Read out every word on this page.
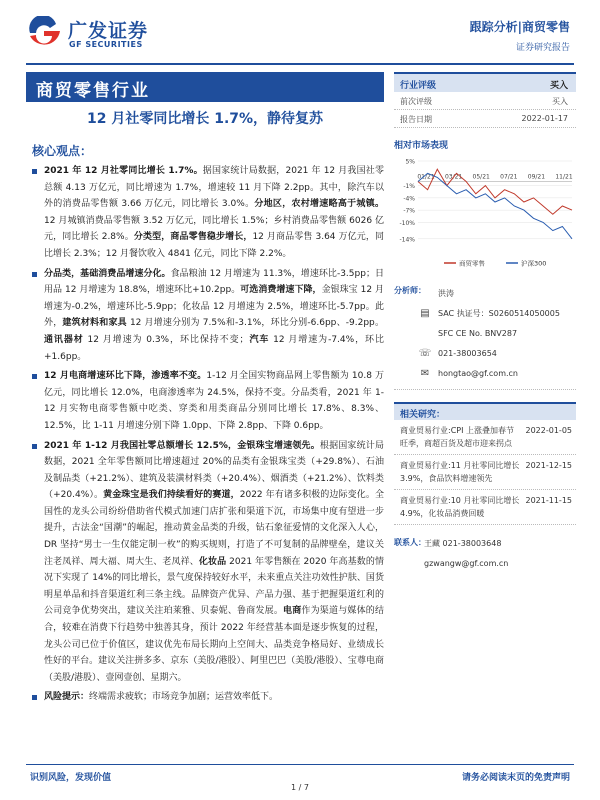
广发证券
GF SECURITIES
跟踪分析|商贸零售
证券研究报告
商贸零售行业
12 月社零同比增长 1.7%，静待复苏
核心观点：
2021 年 12 月社零同比增长 1.7%。据国家统计局数据，2021 年 12 月我国社零总额 4.13 万亿元，同比增速为 1.7%，增速较 11 月下降 2.2pp。其中，除汽车以外的消费品零售额 3.66 万亿元，同比增长 3.0%。分地区，农村增速略高于城镇。12 月城镇消费品零售额 3.52 万亿元，同比增长 1.5%；乡村消费品零售额 6026 亿元，同比增长 2.8%。分类型，商品零售稳步增长，12 月商品零售 3.64 万亿元，同比增长 2.3%；12 月餐饮收入 4841 亿元，同比下降 2.2%。
分品类，基础消费品增速分化。食品粮油 12 月增速为 11.3%，增速环比-3.5pp；日用品 12 月增速为 18.8%，增速环比+10.2pp。可选消费增速下降，金银珠宝 12 月增速为-0.2%，增速环比-5.9pp；化妆品 12 月增速为 2.5%，增速环比-5.7pp。此外，建筑材料和家具 12 月增速分别为 7.5%和-3.1%，环比分别-6.6pp、-9.2pp。通讯器材 12 月增速为 0.3%，环比保持不变；汽车 12 月增速为-7.4%，环比+1.6pp。
12 月电商增速环比下降，渗透率不变。1-12 月全国实物商品网上零售额为 10.8 万亿元，同比增长 12.0%，电商渗透率为 24.5%，保持不变。分品类看，2021 年 1-12 月实物电商零售额中吃类、穿类和用类商品分别同比增长 17.8%、8.3%、12.5%，比 1-11 月增速分别下降 1.0pp、下降 2.8pp、下降 0.6pp。
2021 年 1-12 月我国社零总额增长 12.5%，金银珠宝增速领先。根据国家统计局数据，2021 全年零售额同比增速超过 20%的品类有金银珠宝类（+29.8%）、石油及制品类（+21.2%）、建筑及装潢材料类（+20.4%）、烟酒类（+21.2%）、饮料类（+20.4%）。黄金珠宝是我们持续看好的赛道，2022 年有诸多积极的边际变化。全国性的龙头公司纷纷借助省代模式加速门店扩张和渠道下沉，市场集中度有望进一步提升，古法金“国潮”的崛起，推动黄金品类的升级，钻石象征爱情的文化深入人心，DR 坚持“男士一生仅能定制一枚”的购买规则，打造了不可复制的品牌壁垒，建议关注老凤祥、周大福、周大生、老凤祥、化妆品 2021 年零售额在 2020 年高基数的情况下实现了 14%的同比增长，景气度保持较好水平，未来重点关注功效性护肤、国货明星单品和抖音渠道红利三条主线。品牌资产优异、产品力强、基于把握渠道红利的公司竞争优势突出，建议关注珀莱雅、贝泰妮、鲁商发展。电商作为渠道与媒体的结合，较难在消费下行趋势中独善其身，预计 2022 年经营基本面是逐步恢复的过程，龙头公司已位于价值区，建议优先布局长期向上空间大、品类竞争格局好、业绩成长性好的平台。建议关注拼多多、京东（美股/港股）、阿里巴巴（美股/港股）、宝尊电商（美股/港股）、壹网壹创、星期六。
风险提示：终端需求疲软；市场竞争加剧；运营效率低下。
行业评级	买入
前次评级	买入
报告日期	2022-01-17
相对市场表现
5%
-1%
-4%
-7%
-10%
-14%
01/21 03/21 05/21 07/21 09/21 11/21
商贸零售	沪深300
分析师： 洪涛
▤ SAC 执证号：S0260514050005
SFC CE No. BNV287
☏ 021-38003654
✉	hongtao@gf.com.cn
相关研究：
商业贸易行业:CPI 上涨叠加春节旺季，商超百货及超市迎来拐点
2022-01-05
商业贸易行业:11 月社零同比增长 3.9%，食品饮料增速领先
2021-12-15
商业贸易行业:10 月社零同比增长 4.9%，化妆品消费回暖
2021-11-15
联系人：
王藏 021-38003648
gzwangw@gf.com.cn
识别风险，发现价值	请务必阅读末页的免责声明
1 / 7
